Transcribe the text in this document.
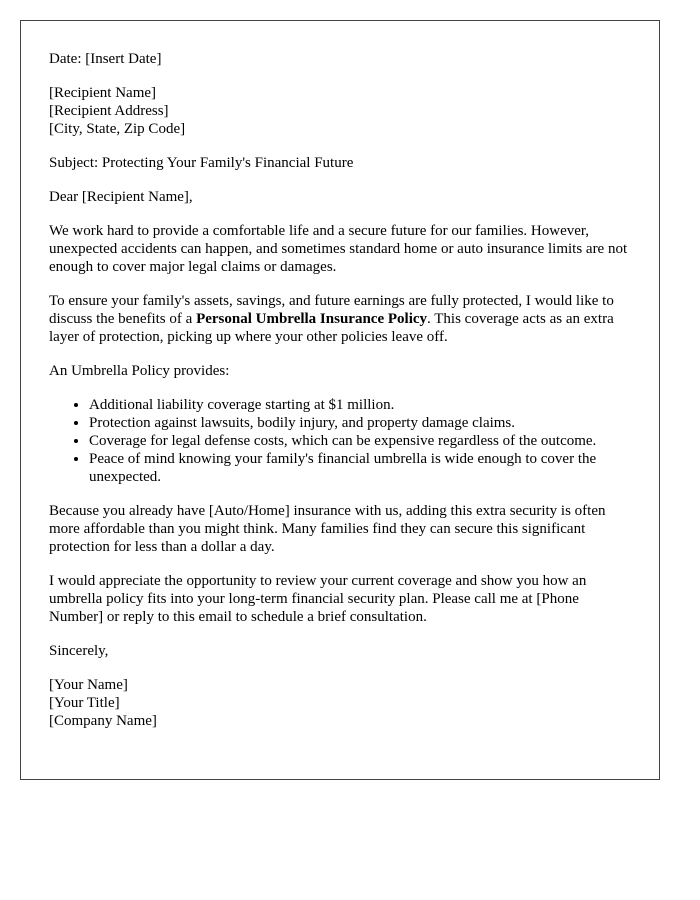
Date: [Insert Date]

[Recipient Name]
[Recipient Address]
[City, State, Zip Code]

Subject: Protecting Your Family's Financial Future

Dear [Recipient Name],

We work hard to provide a comfortable life and a secure future for our families. However, unexpected accidents can happen, and sometimes standard home or auto insurance limits are not enough to cover major legal claims or damages.

To ensure your family's assets, savings, and future earnings are fully protected, I would like to discuss the benefits of a Personal Umbrella Insurance Policy. This coverage acts as an extra layer of protection, picking up where your other policies leave off.

An Umbrella Policy provides:

• Additional liability coverage starting at $1 million.
• Protection against lawsuits, bodily injury, and property damage claims.
• Coverage for legal defense costs, which can be expensive regardless of the outcome.
• Peace of mind knowing your family's financial umbrella is wide enough to cover the unexpected.

Because you already have [Auto/Home] insurance with us, adding this extra security is often more affordable than you might think. Many families find they can secure this significant protection for less than a dollar a day.

I would appreciate the opportunity to review your current coverage and show you how an umbrella policy fits into your long-term financial security plan. Please call me at [Phone Number] or reply to this email to schedule a brief consultation.

Sincerely,

[Your Name]
[Your Title]
[Company Name]
